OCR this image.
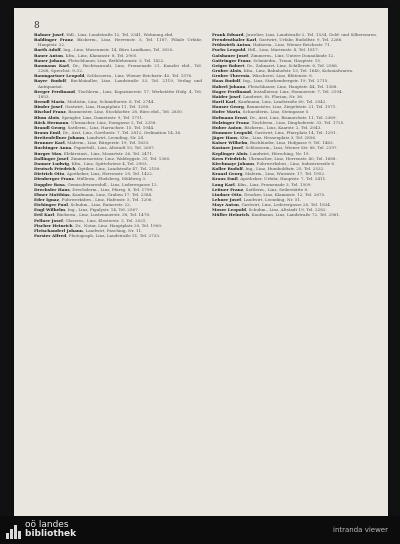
8

Bahner Josef, Hdl., Linz, Landstraße 12, Tel. 2341, Wohnung ebd.

Baldinger Franz, Bäckerm., Linz, Herrenstr. 5, Tel. 1187, Filiale Urfahr, Hauptstr. 22.

Barth Adolf, Ing., Linz, Museumstr. 14, Büro Landhaus, Tel. 3020.

Bauer Anton, Kfm., Linz, Klammstr. 8, Tel. 2905.

Bauer Johann, Fleischhauer, Linz, Bethlehemstr. 3, Tel. 1422.

Baumann Karl, Dr., Rechtsanwalt, Linz, Promenade 21, Kanzlei ebd., Tel. 2268, Sprechst. 9–12.

Baumgartner Leopold, Schlosserm., Linz, Wiener Reichsstr. 40, Tel. 1576.

Bayer Rudolf, Buchhändler, Linz, Landstraße 33, Tel. 2119, Verlag und Antiquariat.

Berger Ferdinand, Tischlerm., Linz, Kapuzinerstr. 17, Werkstätte Hofg. 4, Tel. 1853.

Berndl Maria, Modistin, Linz, Schmidtorstr. 6, Tel. 2744.

Binder Josef, Gastwirt, Linz, Hauptplatz 11, Tel. 1290.

Bischof Franz, Baumeister, Linz, Stockhofstr. 28, Büro ebd., Tel. 2630.

Blum Alois, Spengler, Linz, Dametzstr. 9, Tel. 1711.

Böck Hermann, Uhrmacher, Linz, Domgasse 2, Tel. 2358.

Brandl Georg, Sattlerm., Linz, Harrachstr. 15, Tel. 1944.

Braun Emil, Dr., Arzt, Linz, Goethestr. 7, Tel. 2812, Ordination 14–16.

Breitenfellner Johann, Landwirt, Leonding, Nr. 24.

Brunner Karl, Malerm., Linz, Bürgerstr. 19, Tel. 1633.

Buchinger Anna, Papierhdl., Linz, Altstadt 10, Tel. 2087.

Burger Max, Elektroinst., Linz, Mozartstr. 26, Tel. 2471.

Dallinger Josef, Zimmermeister, Linz, Waldeggstr. 31, Tel. 1365.

Danner Ludwig, Kfm., Linz, Spittelwiese 4, Tel. 2903.

Deutsch Friedrich, Optiker, Linz, Landstraße 47, Tel. 2150.

Dietrich Otto, Apotheker, Linz, Herrenstr. 29, Tel. 1422.

Dirnberger Franz, Müllerm., Ebelsberg, Mühlweg 3.

Doppler Rosa, Gemischtwarenhdl., Linz, Lederergasse 12.

Drechsler Hans, Drechslerm., Linz, Pfarrg. 8, Tel. 1799.

Ebner Matthias, Kaufmann, Linz, Graben 17, Tel. 2384.

Eder Ignaz, Fuhrwerksbes., Linz, Hafenstr. 5, Tel. 1206.

Eichinger Paul, Schuhm., Linz, Rainerstr. 22.

Engl Wilhelm, Ing., Linz, Figulystr. 14, Tel. 2567.

Ertl Karl, Bäckerm., Linz, Lustenauerstr. 38, Tel. 1478.

Fellner Josef, Glaserm., Linz, Klosterstr. 3, Tel. 2021.

Fischer Heinrich, Dr., Notar, Linz, Hauptplatz 20, Tel. 1900.

Fleischanderl Johann, Landwirt, Pasching, Nr. 11.

Forster Alfred, Photograph, Linz, Landstraße 51, Tel. 2733.

Frank Eduard, Juwelier, Linz, Landstraße 2, Tel. 1534, Gold- und Silberwaren.

Freudenthaler Karl, Gastwirt, Urfahr, Rudolfstr. 9, Tel. 2266.

Frühwirth Anton, Hafnerm., Linz, Wiener Reichsstr. 71.

Fuchs Leopold, Hdl., Linz, Marienstr. 4, Tel. 1817.

Gaisbauer Josef, Zimmerm., Linz, Untere Donaulände 12.

Gattringer Franz, Schmiedm., Traun, Hauptstr. 15.

Geiger Robert, Dr., Zahnarzt, Linz, Schillerstr. 6, Tel. 2588.

Gruber Alois, Kfm., Linz, Bahnhofstr. 13, Tel. 1640, Kolonialwaren.

Gruber Theresia, Wäscherei, Linz, Blütenstr. 8.

Haas Rudolf, Ing., Linz, Starhembergstr. 19, Tel. 2715.

Haberl Johann, Fleischhauer, Linz, Hauptstr. 44, Tel. 1388.

Hager Ferdinand, Installateur, Linz, Honauerstr. 7, Tel. 2194.

Haider Josef, Landwirt, St. Florian, Nr. 36.

Hartl Karl, Kaufmann, Linz, Landstraße 60, Tel. 2942.

Hauser Georg, Baumeister, Linz, Ziegeleistr. 21, Tel. 1571.

Hofer Maria, Schneiderin, Linz, Steingasse 5.

Hofmann Ernst, Dr., Arzt, Linz, Bismarckstr. 11, Tel. 2369.

Holzinger Franz, Tischlerm., Linz, Dinghoferstr. 33, Tel. 1725.

Huber Anton, Bäckerm., Linz, Kaarstr. 2, Tel. 2043.

Hummer Leopold, Gastwirt, Linz, Pfarrplatz 14, Tel. 1291.

Jäger Hans, Kfm., Linz, Hessenplatz 3, Tel. 2856.

Kaiser Wilhelm, Buchbinder, Linz, Hofgasse 9, Tel. 1463.

Kastner Josef, Schlosserm., Linz, Wiener Str. 88, Tel. 2197.

Keplinger Alois, Landwirt, Hörsching, Nr. 19.

Kern Friedrich, Uhrmacher, Linz, Herrenstr. 40, Tel. 1688.

Kirchmayr Johann, Fuhrwerksbes., Linz, Industriezeile 6.

Koller Rudolf, Ing., Linz, Humboldtstr. 25, Tel. 2532.

Kranzl Georg, Malerm., Linz, Wurmstr. 17, Tel. 1952.

Kraus Emil, Apotheker, Urfahr, Hauptstr. 7, Tel. 2411.

Lang Karl, Kfm., Linz, Promenade 3, Tel. 1509.

Leitner Franz, Sattlerm., Linz, Seilerstätte 8.

Lindner Otto, Drucker, Linz, Klammstr. 12, Tel. 2675.

Lehner Josef, Landwirt, Leonding, Nr. 51.

Mayr Anton, Gastwirt, Linz, Lederergasse 28, Tel. 1834.

Moser Leopold, Schuhm., Linz, Altstadt 19, Tel. 2282.

Müller Heinrich, Kaufmann, Linz, Landstraße 72, Tel. 2961.

oö landes
bibliothek	intranda viewer
